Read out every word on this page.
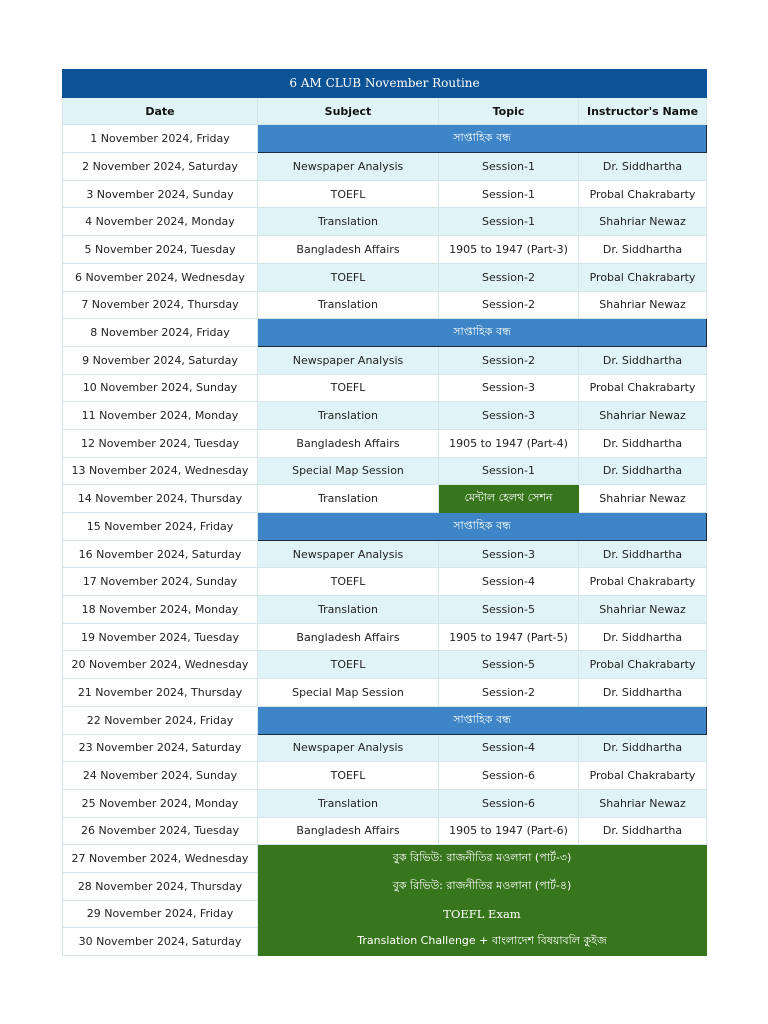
6 AM CLUB November Routine			
Date	Subject	Topic	Instructor's Name
1 November 2024, Friday	সাপ্তাহিক বন্ধ		
2 November 2024, Saturday	Newspaper Analysis	Session-1	Dr. Siddhartha
3 November 2024, Sunday	TOEFL	Session-1	Probal Chakrabarty
4 November 2024, Monday	Translation	Session-1	Shahriar Newaz
5 November 2024, Tuesday	Bangladesh Affairs	1905 to 1947 (Part-3)	Dr. Siddhartha
6 November 2024, Wednesday	TOEFL	Session-2	Probal Chakrabarty
7 November 2024, Thursday	Translation	Session-2	Shahriar Newaz
8 November 2024, Friday	সাপ্তাহিক বন্ধ		
9 November 2024, Saturday	Newspaper Analysis	Session-2	Dr. Siddhartha
10 November 2024, Sunday	TOEFL	Session-3	Probal Chakrabarty
11 November 2024, Monday	Translation	Session-3	Shahriar Newaz
12 November 2024, Tuesday	Bangladesh Affairs	1905 to 1947 (Part-4)	Dr. Siddhartha
13 November 2024, Wednesday	Special Map Session	Session-1	Dr. Siddhartha
14 November 2024, Thursday	Translation	মেন্টাল হেলথ সেশন	Shahriar Newaz
15 November 2024, Friday	সাপ্তাহিক বন্ধ		
16 November 2024, Saturday	Newspaper Analysis	Session-3	Dr. Siddhartha
17 November 2024, Sunday	TOEFL	Session-4	Probal Chakrabarty
18 November 2024, Monday	Translation	Session-5	Shahriar Newaz
19 November 2024, Tuesday	Bangladesh Affairs	1905 to 1947 (Part-5)	Dr. Siddhartha
20 November 2024, Wednesday	TOEFL	Session-5	Probal Chakrabarty
21 November 2024, Thursday	Special Map Session	Session-2	Dr. Siddhartha
22 November 2024, Friday	সাপ্তাহিক বন্ধ		
23 November 2024, Saturday	Newspaper Analysis	Session-4	Dr. Siddhartha
24 November 2024, Sunday	TOEFL	Session-6	Probal Chakrabarty
25 November 2024, Monday	Translation	Session-6	Shahriar Newaz
26 November 2024, Tuesday	Bangladesh Affairs	1905 to 1947 (Part-6)	Dr. Siddhartha
27 November 2024, Wednesday	বুক রিভিউ: রাজনীতির মওলানা (পার্ট-৩)		
28 November 2024, Thursday	বুক রিভিউ: রাজনীতির মওলানা (পার্ট-৪)		
29 November 2024, Friday	TOEFL Exam		
30 November 2024, Saturday	Translation Challenge + বাংলাদেশ বিষয়াবলি কুইজ		
